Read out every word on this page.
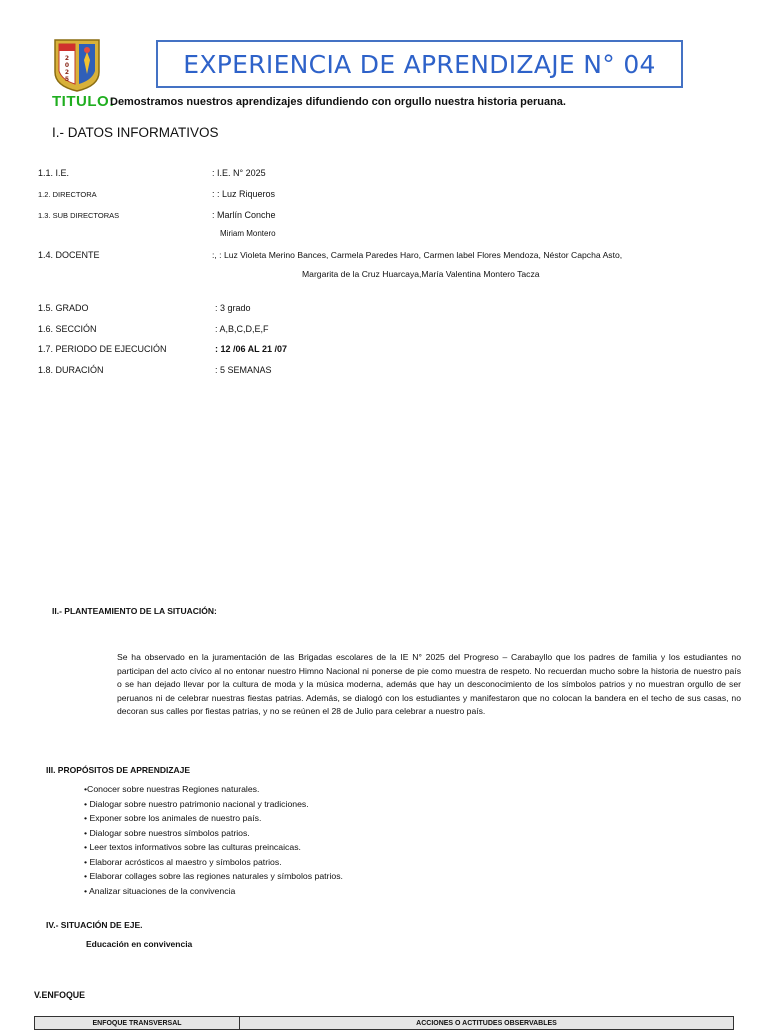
2
0
2
5
EXPERIENCIA DE APRENDIZAJE N° 04
TITULO:
Demostramos nuestros aprendizajes difundiendo con orgullo nuestra historia peruana.
I.- DATOS INFORMATIVOS
1.1. I.E.	: I.E. N° 2025
1.2. DIRECTORA	: : Luz Riqueros
1.3. SUB DIRECTORAS	: Marlín Conche
Miriam Montero
1.4. DOCENTE	:, : Luz Violeta Merino Bances, Carmela Paredes Haro, Carmen label Flores Mendoza, Néstor Capcha Asto,
Margarita de la Cruz Huarcaya,María Valentina Montero Tacza
1.5. GRADO	: 3 grado
1.6. SECCIÓN	: A,B,C,D,E,F
1.7. PERIODO DE EJECUCIÓN	: 12 /06 AL 21 /07
1.8. DURACIÓN	: 5 SEMANAS
II.- PLANTEAMIENTO DE LA SITUACIÓN:
Se ha observado en la juramentación de las Brigadas escolares de la IE N° 2025 del Progreso – Carabayllo que los padres de familia y los estudiantes no participan del acto cívico al no entonar nuestro Himno Nacional ni ponerse de pie como muestra de respeto. No recuerdan mucho sobre la historia de nuestro país o se han dejado llevar por la cultura de moda y la música moderna, además que hay un desconocimiento de los símbolos patrios y no muestran orgullo de ser peruanos ni de celebrar nuestras fiestas patrias. Además, se dialogó con los estudiantes y manifestaron que no colocan la bandera en el techo de sus casas, no decoran sus calles por fiestas patrias, y no se reúnen el 28 de Julio para celebrar a nuestro país.
III. PROPÓSITOS DE APRENDIZAJE
•Conocer sobre nuestras Regiones naturales.
• Dialogar sobre nuestro patrimonio nacional y tradiciones.
• Exponer sobre los animales de nuestro país.
• Dialogar sobre nuestros símbolos patrios.
• Leer textos informativos sobre las culturas preincaicas.
• Elaborar acrósticos al maestro y símbolos patrios.
• Elaborar collages sobre las regiones naturales y símbolos patrios.
• Analizar situaciones de la convivencia
IV.- SITUACIÓN DE EJE.
Educación en convivencia
V.ENFOQUE
ENFOQUE TRANSVERSAL	ACCIONES O ACTITUDES OBSERVABLES
